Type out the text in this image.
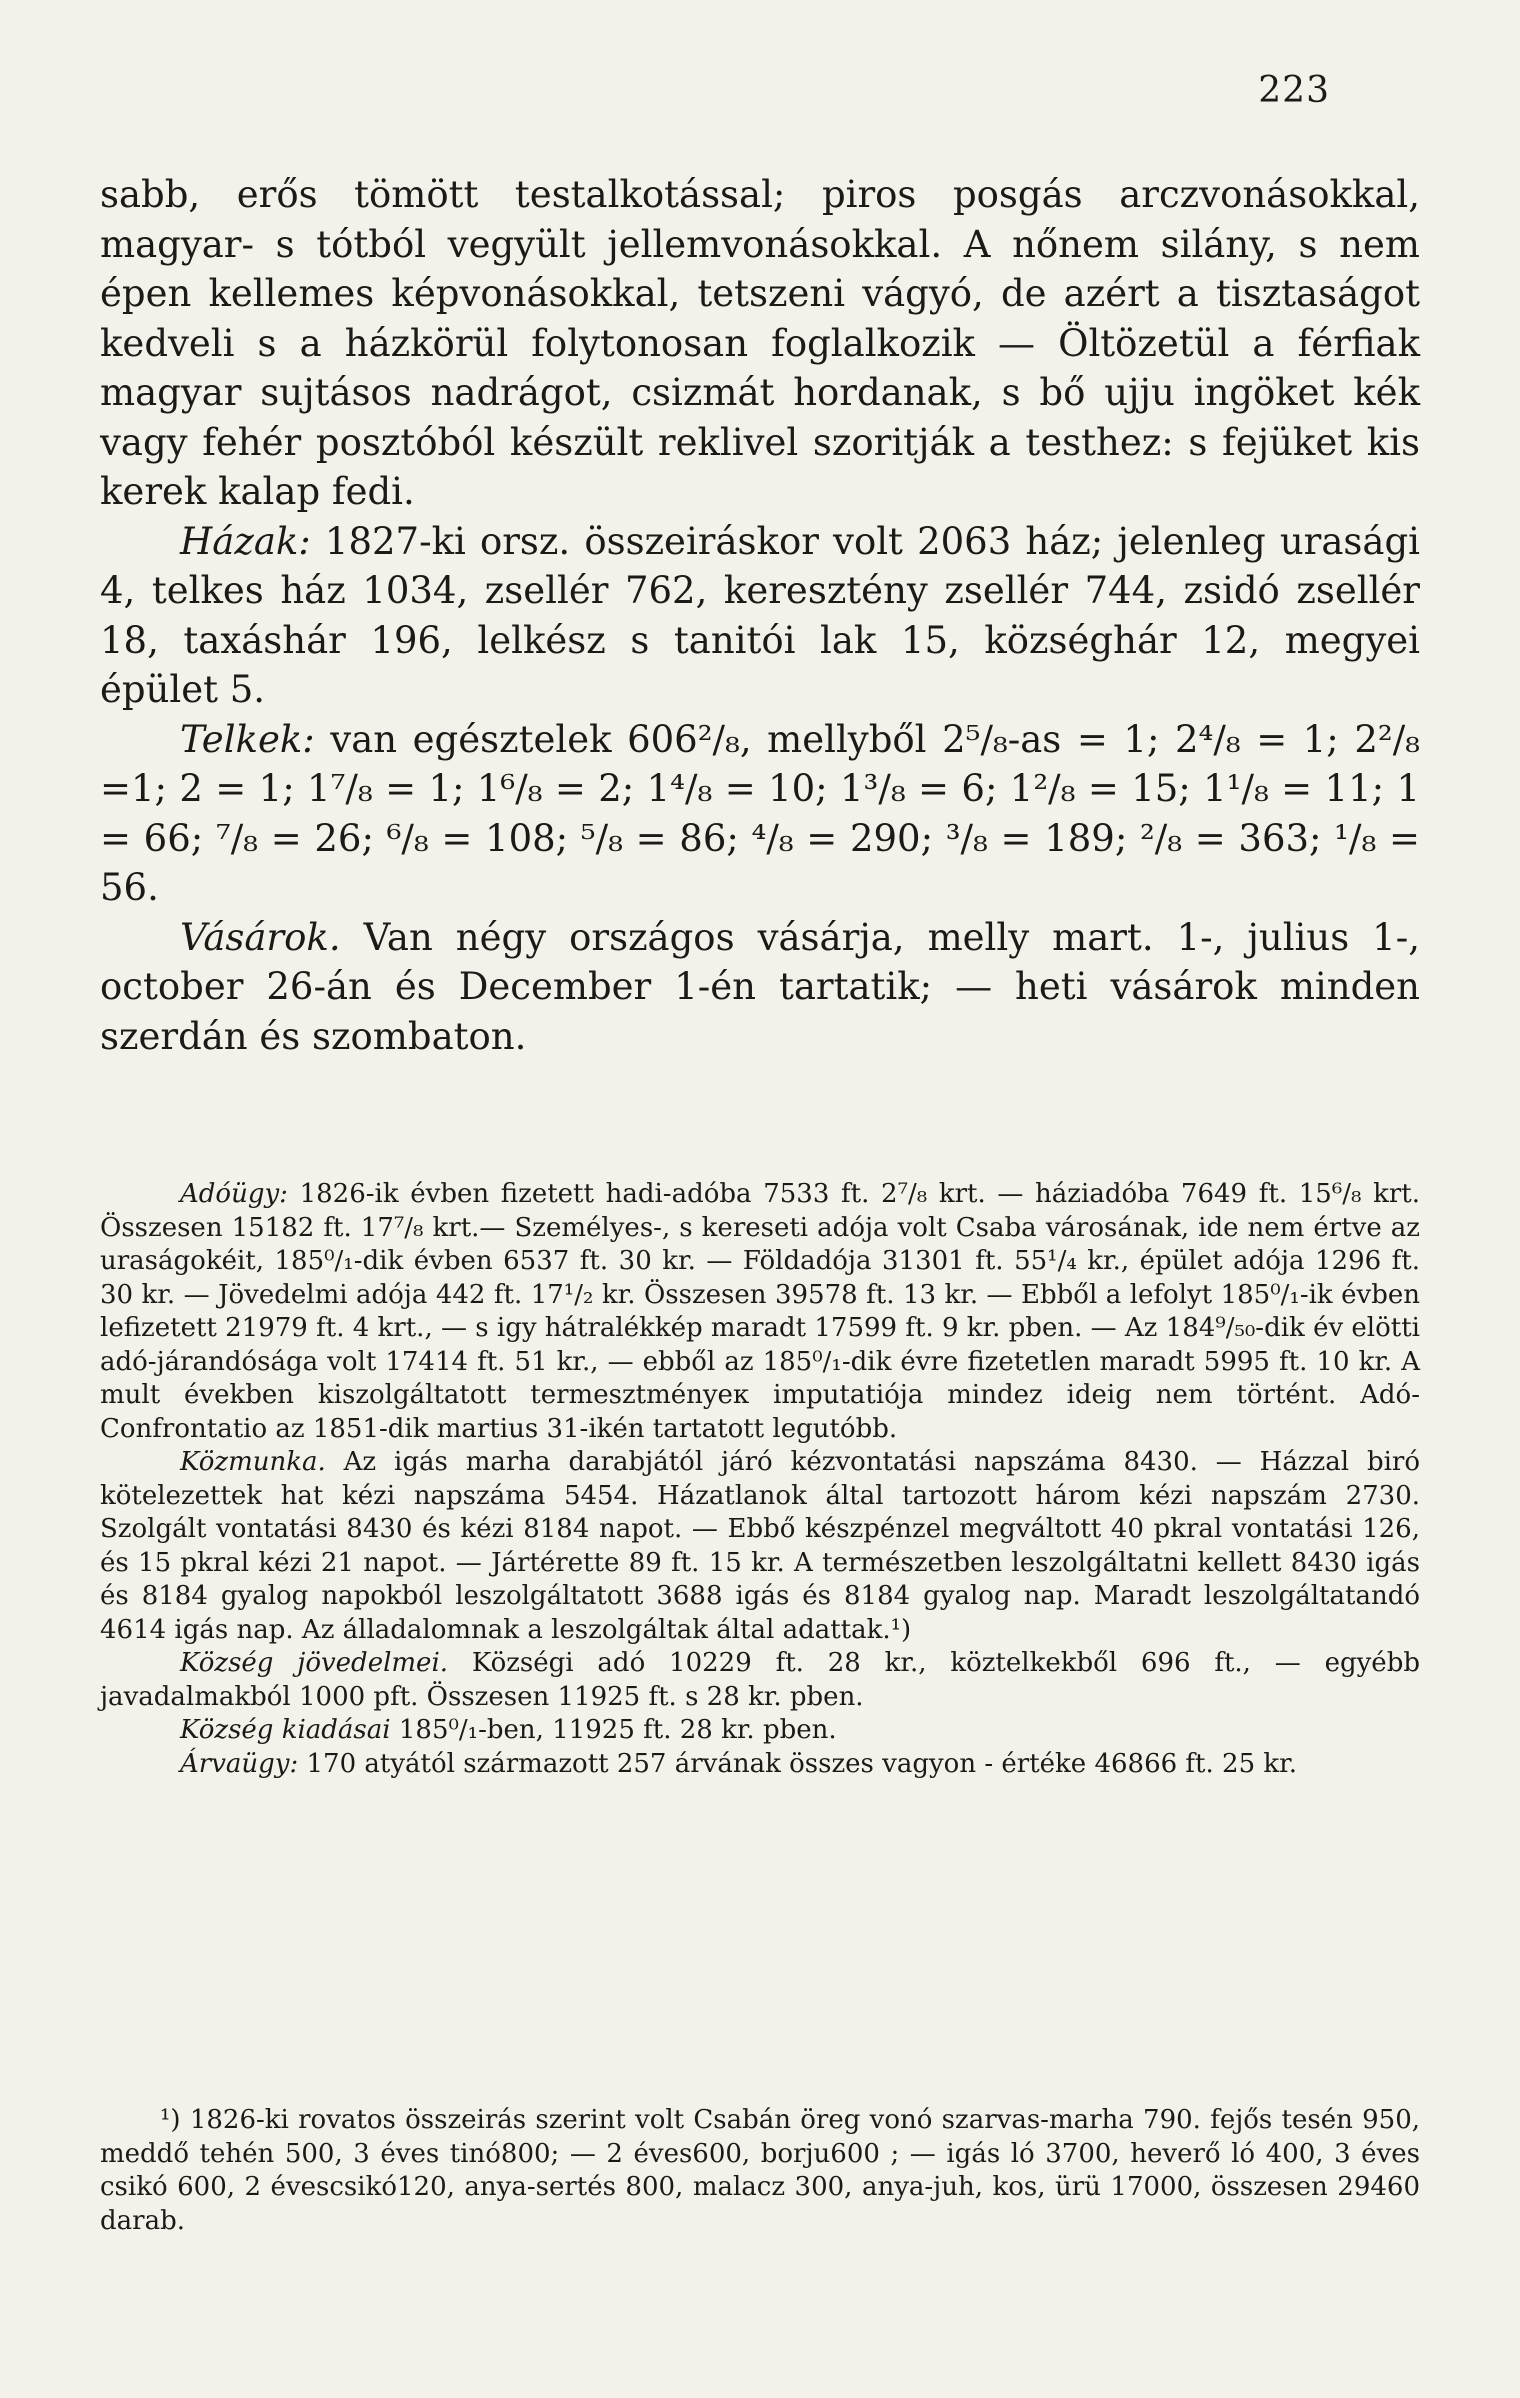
223

sabb, erős tömött testalkotással; piros posgás arczvonásokkal, magyar- s tótból vegyült jellemvonásokkal. A nőnem silány, s nem épen kellemes képvonásokkal, tetszeni vágyó, de azért a tisztaságot kedveli s a házkörül folytonosan foglalkozik — Öltözetül a férfiak magyar sujtásos nadrágot, csizmát hordanak, s bő ujju ingöket kék vagy fehér posztóból készült reklivel szoritják a testhez: s fejüket kis kerek kalap fedi.

Házak: 1827-ki orsz. összeiráskor volt 2063 ház; jelenleg urasági 4, telkes ház 1034, zsellér 762, keresztény zsellér 744, zsidó zsellér 18, taxáshár 196, lelkész s tanitói lak 15, községhár 12, megyei épület 5.

Telkek: van egésztelek 606²/₈, mellyből 2⁵/₈-as = 1; 2⁴/₈ = 1; 2²/₈ =1; 2 = 1; 1⁷/₈ = 1; 1⁶/₈ = 2; 1⁴/₈ = 10; 1³/₈ = 6; 1²/₈ = 15; 1¹/₈ = 11; 1 = 66; ⁷/₈ = 26; ⁶/₈ = 108; ⁵/₈ = 86; ⁴/₈ = 290; ³/₈ = 189; ²/₈ = 363; ¹/₈ = 56.

Vásárok. Van négy országos vásárja, melly mart. 1-, julius 1-, october 26-án és December 1-én tartatik; — heti vásárok minden szerdán és szombaton.

Adóügy: 1826-ik évben fizetett hadi-adóba 7533 ft. 2⁷/₈ krt. — háziadóba 7649 ft. 15⁶/₈ krt. Összesen 15182 ft. 17⁷/₈ krt.— Személyes-, s kereseti adója volt Csaba városának, ide nem értve az uraságokéit, 185⁰/₁-dik évben 6537 ft. 30 kr. — Földadója 31301 ft. 55¹/₄ kr., épület adója 1296 ft. 30 kr. — Jövedelmi adója 442 ft. 17¹/₂ kr. Összesen 39578 ft. 13 kr. — Ebből a lefolyt 185⁰/₁-ik évben lefizetett 21979 ft. 4 krt., — s igy hátralékkép maradt 17599 ft. 9 kr. pben. — Az 184⁹/₅₀-dik év elötti adó-járandósága volt 17414 ft. 51 kr., — ebből az 185⁰/₁-dik évre fizetetlen maradt 5995 ft. 10 kr. A mult években kiszolgáltatott termesztményeк imputatiója mindez ideig nem történt. Adó-Confrontatio az 1851-dik martius 31-ikén tartatott legutóbb.

Közmunka. Az igás marha darabjától járó kézvontatási napszáma 8430. — Házzal biró kötelezettek hat kézi napszáma 5454. Házatlanok által tartozott három kézi napszám 2730. Szolgált vontatási 8430 és kézi 8184 napot. — Ebbő készpénzel megváltott 40 pkral vontatási 126, és 15 pkral kézi 21 napot. — Jártérette 89 ft. 15 kr. A természetben leszolgáltatni kellett 8430 igás és 8184 gyalog napokból leszolgáltatott 3688 igás és 8184 gyalog nap. Maradt leszolgáltatandó 4614 igás nap. Az álladalomnak a leszolgáltak által adattak.¹)

Község jövedelmei. Községi adó 10229 ft. 28 kr., köztelkekből 696 ft., — egyébb javadalmakból 1000 pft. Összesen 11925 ft. s 28 kr. pben.

Község kiadásai 185⁰/₁-ben, 11925 ft. 28 kr. pben.

Árvaügy: 170 atyától származott 257 árvának összes vagyon - értéke 46866 ft. 25 kr.

¹) 1826-ki rovatos összeirás szerint volt Csabán öreg vonó szarvas-marha 790. fejős tesén 950, meddő tehén 500, 3 éves tinó800; — 2 éves600, borju600 ; — igás ló 3700, heverő ló 400, 3 éves csikó 600, 2 évescsikó120, anya-sertés 800, malacz 300, anya-juh, kos, ürü 17000, összesen 29460 darab.
